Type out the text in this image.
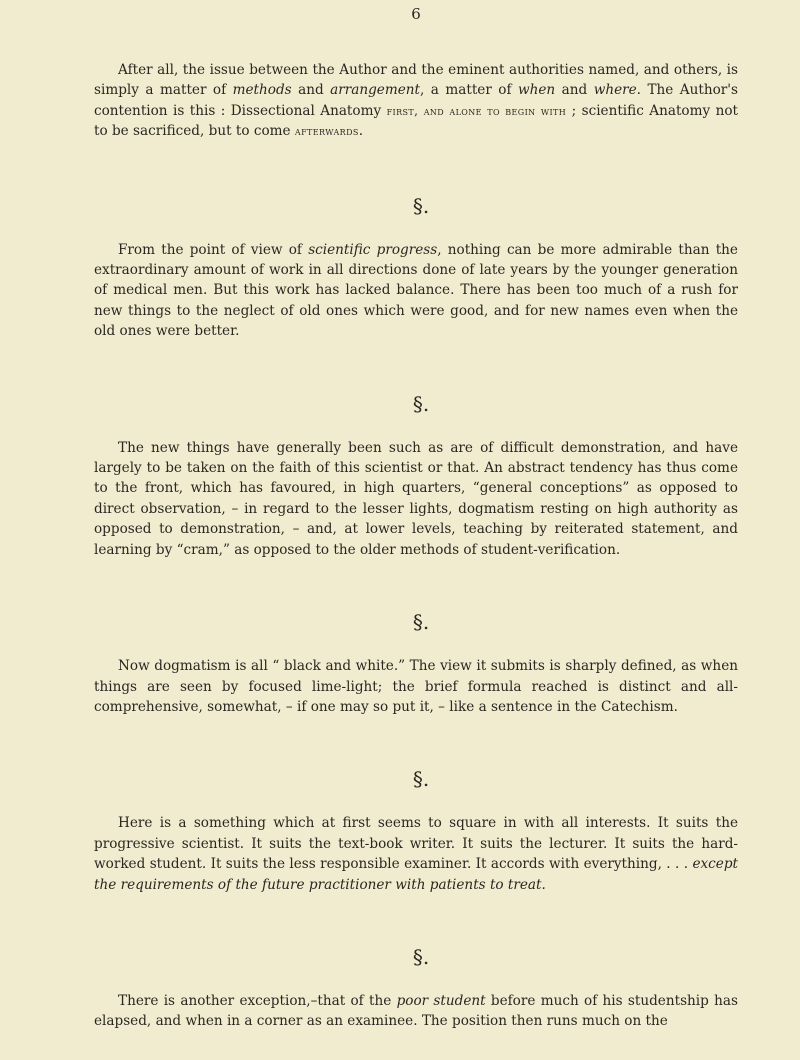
6

After all, the issue between the Author and the eminent authorities named, and others, is simply a matter of methods and arrangement, a matter of when and where. The Author's contention is this : Dissectional Anatomy first, and alone to begin with ; scientific Anatomy not to be sacrificed, but to come afterwards.

§.

From the point of view of scientific progress, nothing can be more admirable than the extraordinary amount of work in all directions done of late years by the younger generation of medical men. But this work has lacked balance. There has been too much of a rush for new things to the neglect of old ones which were good, and for new names even when the old ones were better.

§.

The new things have generally been such as are of difficult demonstration, and have largely to be taken on the faith of this scientist or that. An abstract tendency has thus come to the front, which has favoured, in high quarters, “general conceptions” as opposed to direct observation, – in regard to the lesser lights, dogmatism resting on high authority as opposed to demonstration, – and, at lower levels, teaching by reiterated statement, and learning by “cram,” as opposed to the older methods of student-verification.

§.

Now dogmatism is all “ black and white.” The view it submits is sharply defined, as when things are seen by focused lime-light; the brief formula reached is distinct and all-comprehensive, somewhat, – if one may so put it, – like a sentence in the Catechism.

§.

Here is a something which at first seems to square in with all interests. It suits the progressive scientist. It suits the text-book writer. It suits the lecturer. It suits the hard-worked student. It suits the less responsible examiner. It accords with everything, . . . except the requirements of the future practitioner with patients to treat.

§.

There is another exception,–that of the poor student before much of his studentship has elapsed, and when in a corner as an examinee. The position then runs much on the
